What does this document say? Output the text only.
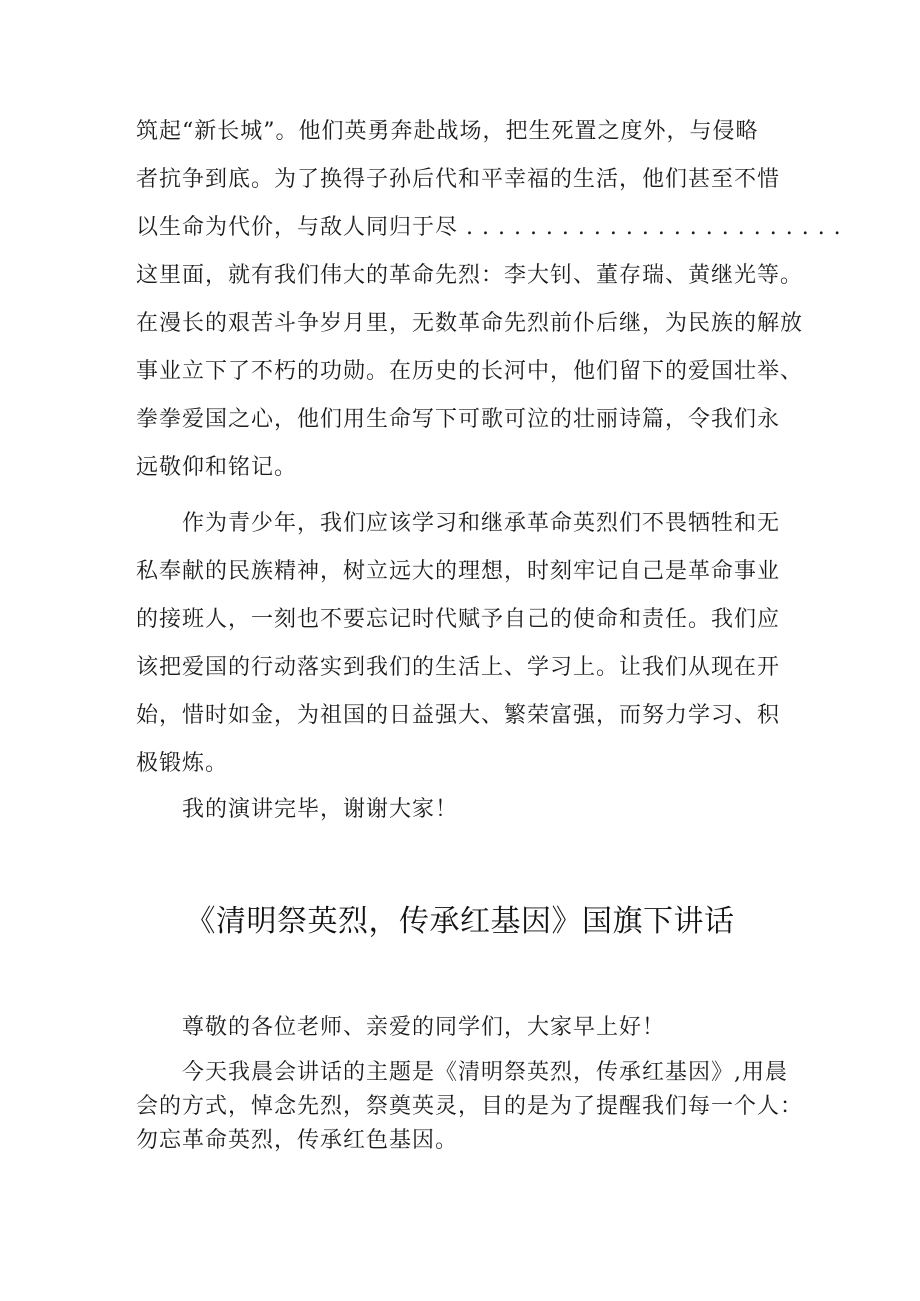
筑起“新长城”。他们英勇奔赴战场，把生死置之度外，与侵略
者抗争到底。为了换得子孙后代和平幸福的生活，他们甚至不惜
以生命为代价，与敌人同归于尽 . . . . . . . . . . . . . . . . . . . . . . . .
这里面，就有我们伟大的革命先烈：李大钊、董存瑞、黄继光等。
在漫长的艰苦斗争岁月里，无数革命先烈前仆后继，为民族的解放
事业立下了不朽的功勋。在历史的长河中，他们留下的爱国壮举、
拳拳爱国之心，他们用生命写下可歌可泣的壮丽诗篇，令我们永
远敬仰和铭记。
作为青少年，我们应该学习和继承革命英烈们不畏牺牲和无
私奉献的民族精神，树立远大的理想，时刻牢记自己是革命事业
的接班人，一刻也不要忘记时代赋予自己的使命和责任。我们应
该把爱国的行动落实到我们的生活上、学习上。让我们从现在开
始，惜时如金，为祖国的日益强大、繁荣富强，而努力学习、积
极锻炼。
我的演讲完毕，谢谢大家！
《清明祭英烈，传承红基因》国旗下讲话
尊敬的各位老师、亲爱的同学们，大家早上好！
今天我晨会讲话的主题是《清明祭英烈，传承红基因》,用晨
会的方式，悼念先烈，祭奠英灵，目的是为了提醒我们每一个人：
勿忘革命英烈，传承红色基因。
